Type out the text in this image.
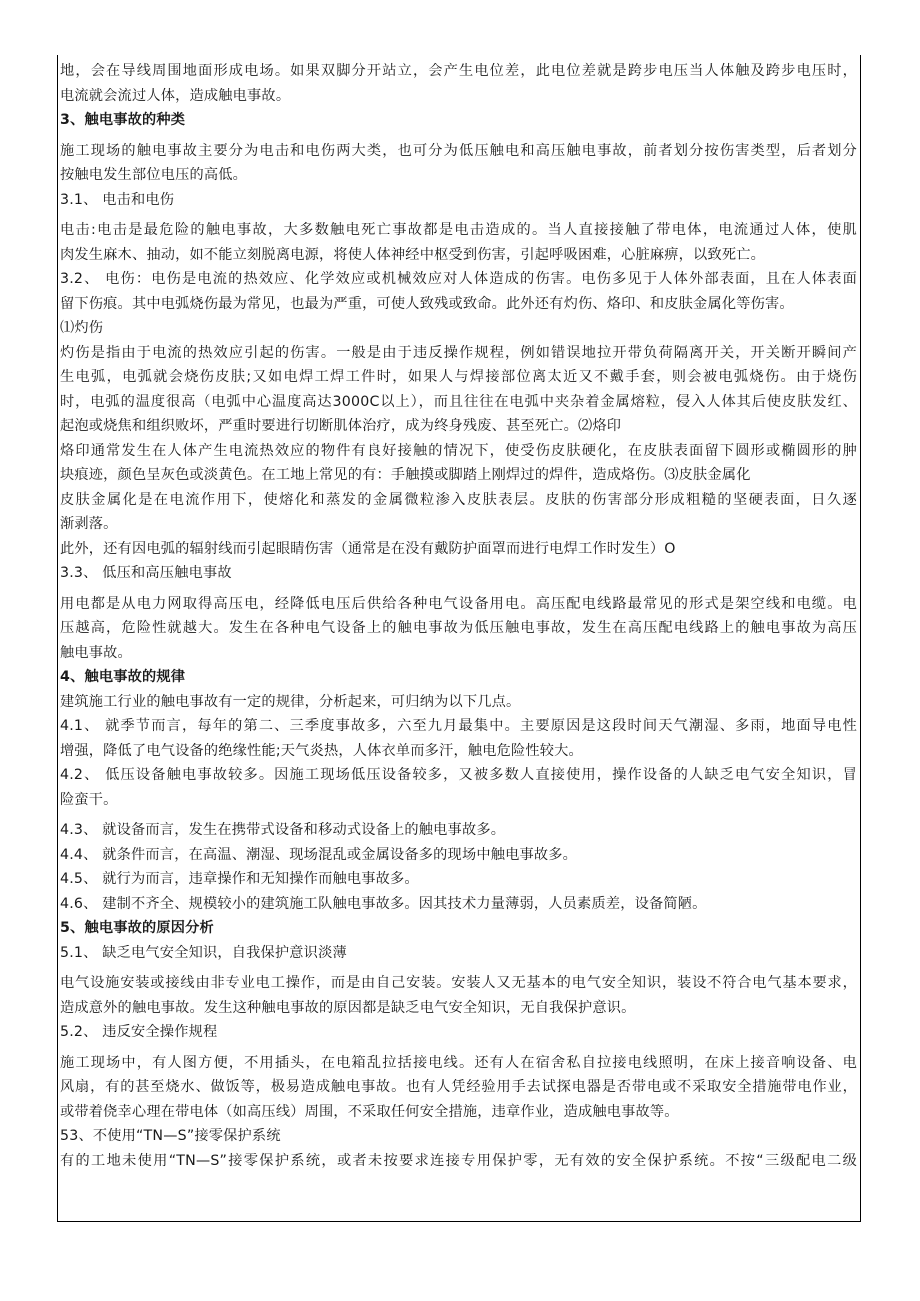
地，会在导线周围地面形成电场。如果双脚分开站立，会产生电位差，此电位差就是跨步电压当人体触及跨步电压时，
电流就会流过人体，造成触电事故。
3、触电事故的种类
施工现场的触电事故主要分为电击和电伤两大类，也可分为低压触电和高压触电事故，前者划分按伤害类型，后者划分
按触电发生部位电压的高低。
3.1、 电击和电伤
电击:电击是最危险的触电事故，大多数触电死亡事故都是电击造成的。当人直接接触了带电体，电流通过人体，使肌
肉发生麻木、抽动，如不能立刻脱离电源，将使人体神经中枢受到伤害，引起呼吸困难，心脏麻痹，以致死亡。
3.2、 电伤：电伤是电流的热效应、化学效应或机械效应对人体造成的伤害。电伤多见于人体外部表面，且在人体表面
留下伤痕。其中电弧烧伤最为常见，也最为严重，可使人致残或致命。此外还有灼伤、烙印、和皮肤金属化等伤害。
⑴灼伤
灼伤是指由于电流的热效应引起的伤害。一般是由于违反操作规程，例如错误地拉开带负荷隔离开关，开关断开瞬间产
生电弧，电弧就会烧伤皮肤;又如电焊工焊工件时，如果人与焊接部位离太近又不戴手套，则会被电弧烧伤。由于烧伤
时，电弧的温度很高（电弧中心温度高达3000C以上），而且往往在电弧中夹杂着金属熔粒，侵入人体其后使皮肤发红、
起泡或烧焦和组织败坏，严重时要进行切断肌体治疗，成为终身残废、甚至死亡。⑵烙印
烙印通常发生在人体产生电流热效应的物件有良好接触的情况下，使受伤皮肤硬化，在皮肤表面留下圆形或椭圆形的肿
块痕迹，颜色呈灰色或淡黄色。在工地上常见的有：手触摸或脚踏上刚焊过的焊件，造成烙伤。⑶皮肤金属化
皮肤金属化是在电流作用下，使熔化和蒸发的金属微粒渗入皮肤表层。皮肤的伤害部分形成粗糙的坚硬表面，日久逐
渐剥落。
此外，还有因电弧的辐射线而引起眼睛伤害（通常是在没有戴防护面罩而进行电焊工作时发生）O
3.3、 低压和高压触电事故
用电都是从电力网取得高压电，经降低电压后供给各种电气设备用电。高压配电线路最常见的形式是架空线和电缆。电
压越高，危险性就越大。发生在各种电气设备上的触电事故为低压触电事故，发生在高压配电线路上的触电事故为高压
触电事故。
4、触电事故的规律
建筑施工行业的触电事故有一定的规律，分析起来，可归纳为以下几点。
4.1、 就季节而言，每年的第二、三季度事故多，六至九月最集中。主要原因是这段时间天气潮湿、多雨，地面导电性
增强，降低了电气设备的绝缘性能;天气炎热，人体衣单而多汗，触电危险性较大。
4.2、 低压设备触电事故较多。因施工现场低压设备较多，又被多数人直接使用，操作设备的人缺乏电气安全知识，冒
险蛮干。
4.3、 就设备而言，发生在携带式设备和移动式设备上的触电事故多。
4.4、 就条件而言，在高温、潮湿、现场混乱或金属设备多的现场中触电事故多。
4.5、 就行为而言，违章操作和无知操作而触电事故多。
4.6、 建制不齐全、规模较小的建筑施工队触电事故多。因其技术力量薄弱，人员素质差，设备简陋。
5、触电事故的原因分析
5.1、 缺乏电气安全知识，自我保护意识淡薄
电气设施安装或接线由非专业电工操作，而是由自己安装。安装人又无基本的电气安全知识，装设不符合电气基本要求，
造成意外的触电事故。发生这种触电事故的原因都是缺乏电气安全知识，无自我保护意识。
5.2、 违反安全操作规程
施工现场中，有人图方便，不用插头，在电箱乱拉括接电线。还有人在宿舍私自拉接电线照明，在床上接音响设备、电
风扇，有的甚至烧水、做饭等，极易造成触电事故。也有人凭经验用手去试探电器是否带电或不采取安全措施带电作业，
或带着侥幸心理在带电体（如高压线）周围，不采取任何安全措施，违章作业，造成触电事故等。
53、不使用“TN—S”接零保护系统
有的工地未使用“TN—S”接零保护系统，或者未按要求连接专用保护零，无有效的安全保护系统。不按“三级配电二级
